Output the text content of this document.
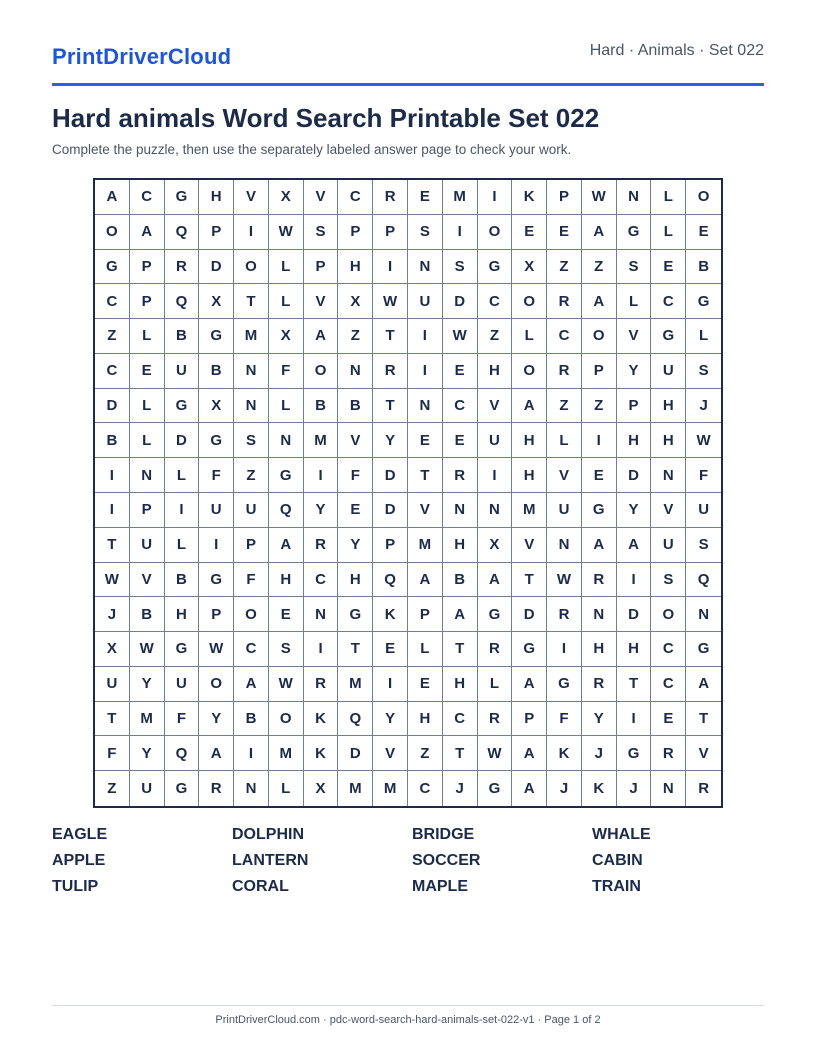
PrintDriverCloud	Hard · Animals · Set 022
Hard animals Word Search Printable Set 022
Complete the puzzle, then use the separately labeled answer page to check your work.
A	C	G	H	V	X	V	C	R	E	M	I	K	P	W	N	L	O
O	A	Q	P	I	W	S	P	P	S	I	O	E	E	A	G	L	E
G	P	R	D	O	L	P	H	I	N	S	G	X	Z	Z	S	E	B
C	P	Q	X	T	L	V	X	W	U	D	C	O	R	A	L	C	G
Z	L	B	G	M	X	A	Z	T	I	W	Z	L	C	O	V	G	L
C	E	U	B	N	F	O	N	R	I	E	H	O	R	P	Y	U	S
D	L	G	X	N	L	B	B	T	N	C	V	A	Z	Z	P	H	J
B	L	D	G	S	N	M	V	Y	E	E	U	H	L	I	H	H	W
I	N	L	F	Z	G	I	F	D	T	R	I	H	V	E	D	N	F
I	P	I	U	U	Q	Y	E	D	V	N	N	M	U	G	Y	V	U
T	U	L	I	P	A	R	Y	P	M	H	X	V	N	A	A	U	S
W	V	B	G	F	H	C	H	Q	A	B	A	T	W	R	I	S	Q
J	B	H	P	O	E	N	G	K	P	A	G	D	R	N	D	O	N
X	W	G	W	C	S	I	T	E	L	T	R	G	I	H	H	C	G
U	Y	U	O	A	W	R	M	I	E	H	L	A	G	R	T	C	A
T	M	F	Y	B	O	K	Q	Y	H	C	R	P	F	Y	I	E	T
F	Y	Q	A	I	M	K	D	V	Z	T	W	A	K	J	G	R	V
Z	U	G	R	N	L	X	M	M	C	J	G	A	J	K	J	N	R
EAGLE	DOLPHIN	BRIDGE	WHALE
APPLE	LANTERN	SOCCER	CABIN
TULIP	CORAL	MAPLE	TRAIN
PrintDriverCloud.com · pdc-word-search-hard-animals-set-022-v1 · Page 1 of 2
